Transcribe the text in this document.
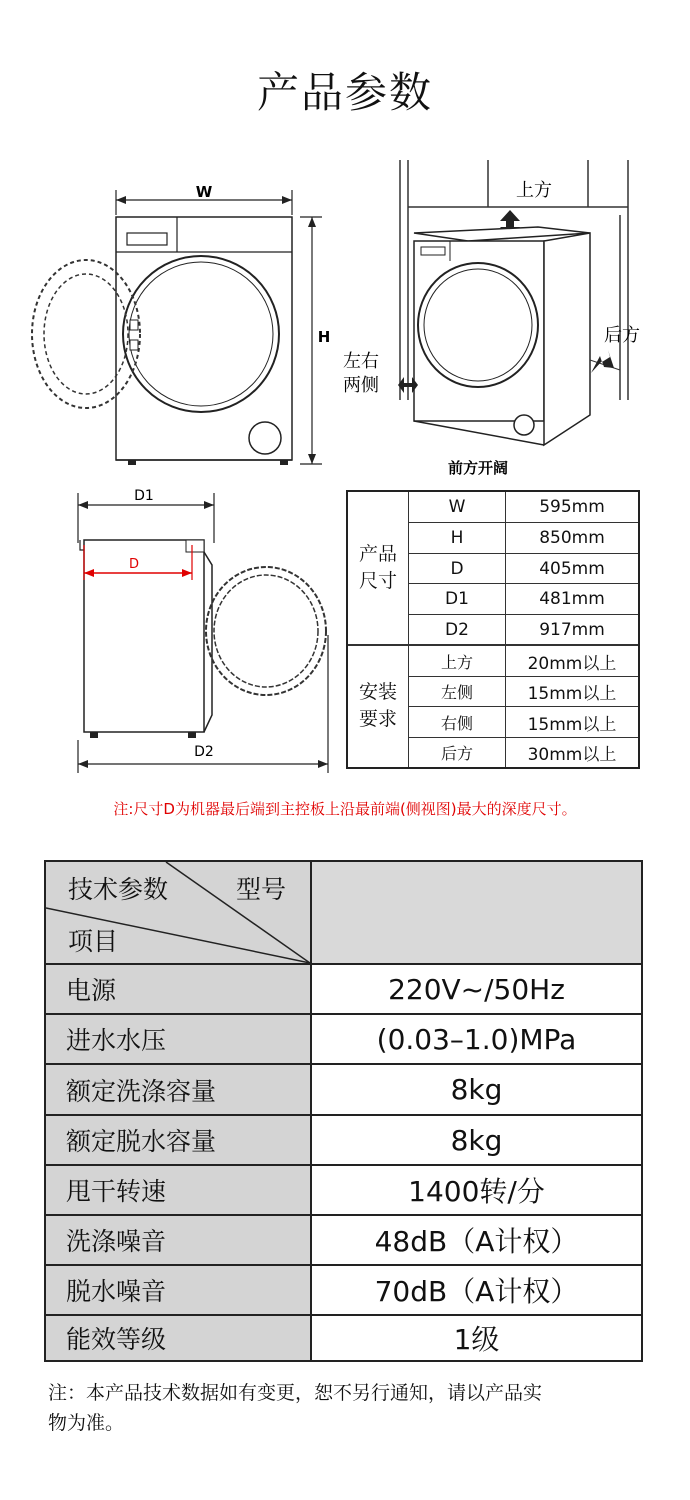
产品参数
W
H
上方
后方
左右
两侧
前方开阔
D1
D
D2
产品
尺寸
安装
要求
W	595mm
H	850mm
D	405mm
D1	481mm
D2	917mm
上方	20mm以上
左侧	15mm以上
右侧	15mm以上
后方	30mm以上
注:尺寸D为机器最后端到主控板上沿最前端(侧视图)最大的深度尺寸。
技术参数	型号
项目
电源	220V~/50Hz
进水水压	(0.03–1.0)MPa
额定洗涤容量	8kg
额定脱水容量	8kg
甩干转速	1400转/分
洗涤噪音	48dB（A计权）
脱水噪音	70dB（A计权）
能效等级	1级
注：本产品技术数据如有变更，恕不另行通知，请以产品实
物为准。
